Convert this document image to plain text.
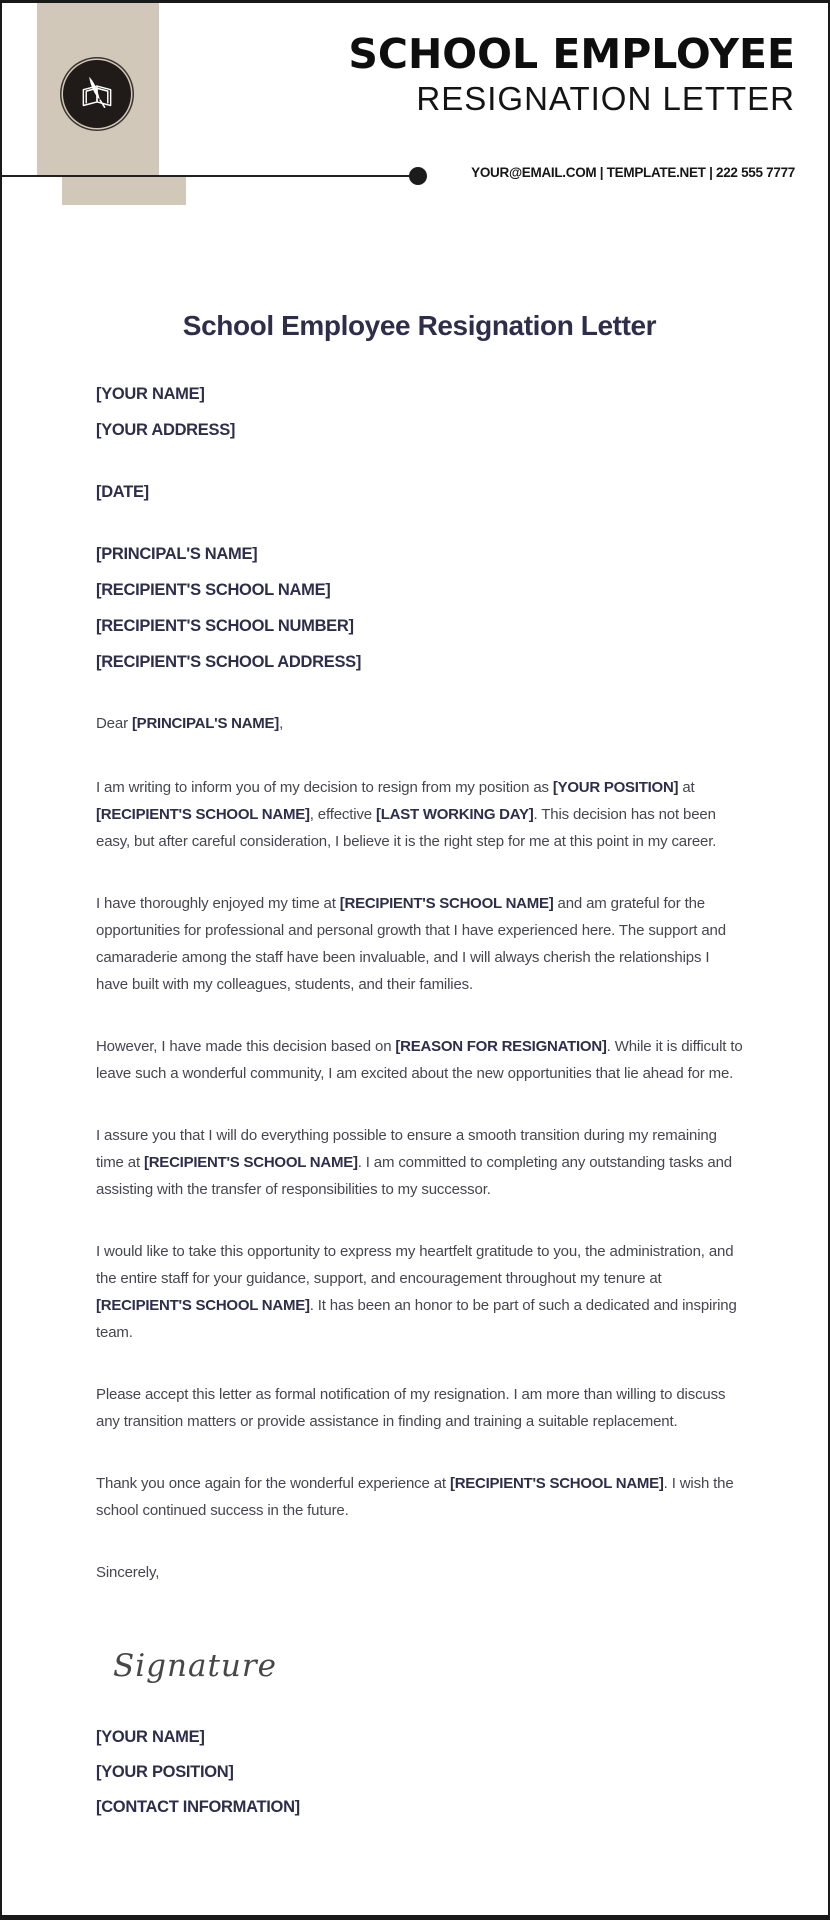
SCHOOL EMPLOYEE
RESIGNATION LETTER
YOUR@EMAIL.COM | TEMPLATE.NET | 222 555 7777
School Employee Resignation Letter
[YOUR NAME]
[YOUR ADDRESS]
[DATE]
[PRINCIPAL'S NAME]
[RECIPIENT'S SCHOOL NAME]
[RECIPIENT'S SCHOOL NUMBER]
[RECIPIENT'S SCHOOL ADDRESS]

Dear [PRINCIPAL'S NAME],

I am writing to inform you of my decision to resign from my position as [YOUR POSITION] at [RECIPIENT'S SCHOOL NAME], effective [LAST WORKING DAY]. This decision has not been easy, but after careful consideration, I believe it is the right step for me at this point in my career.

I have thoroughly enjoyed my time at [RECIPIENT'S SCHOOL NAME] and am grateful for the opportunities for professional and personal growth that I have experienced here. The support and camaraderie among the staff have been invaluable, and I will always cherish the relationships I have built with my colleagues, students, and their families.

However, I have made this decision based on [REASON FOR RESIGNATION]. While it is difficult to leave such a wonderful community, I am excited about the new opportunities that lie ahead for me.

I assure you that I will do everything possible to ensure a smooth transition during my remaining time at [RECIPIENT'S SCHOOL NAME]. I am committed to completing any outstanding tasks and assisting with the transfer of responsibilities to my successor.

I would like to take this opportunity to express my heartfelt gratitude to you, the administration, and the entire staff for your guidance, support, and encouragement throughout my tenure at [RECIPIENT'S SCHOOL NAME]. It has been an honor to be part of such a dedicated and inspiring team.

Please accept this letter as formal notification of my resignation. I am more than willing to discuss any transition matters or provide assistance in finding and training a suitable replacement.

Thank you once again for the wonderful experience at [RECIPIENT'S SCHOOL NAME]. I wish the school continued success in the future.

Sincerely,

Signature
[YOUR NAME]
[YOUR POSITION]
[CONTACT INFORMATION]
